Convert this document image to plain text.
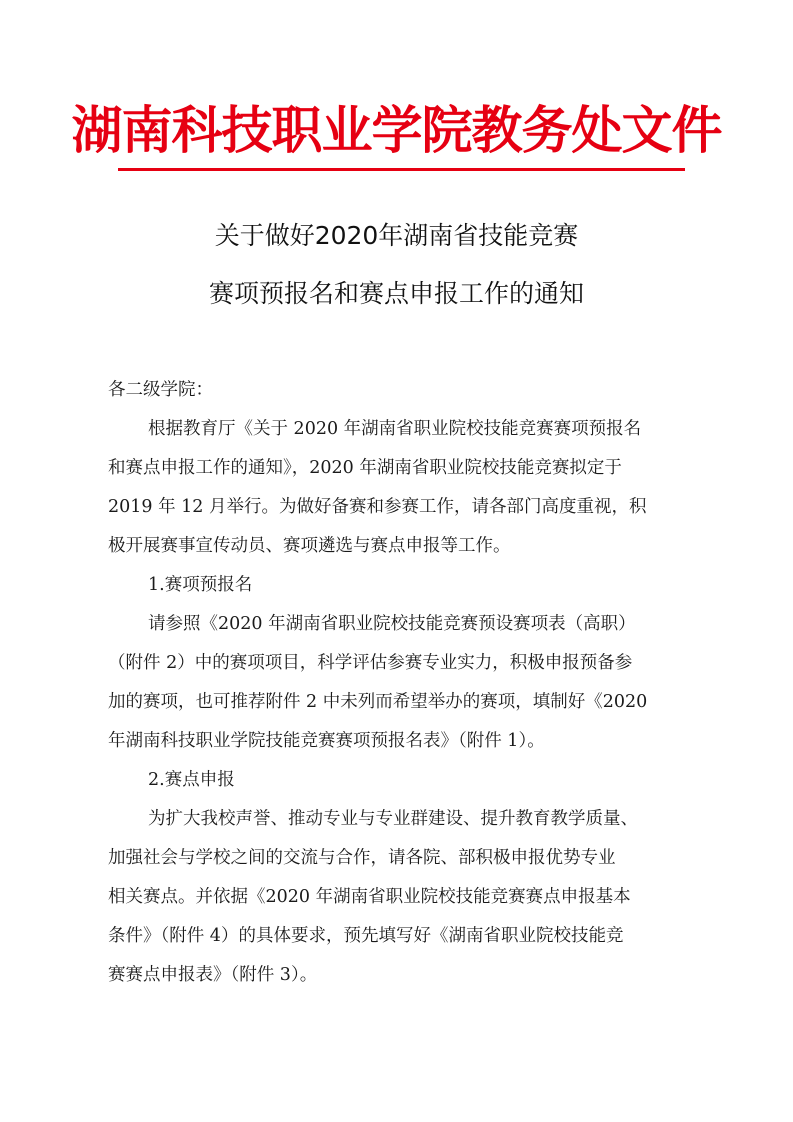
湖南科技职业学院教务处文件
关于做好2020年湖南省技能竞赛
赛项预报名和赛点申报工作的通知
各二级学院：
根据教育厅《关于 2020 年湖南省职业院校技能竞赛赛项预报名
和赛点申报工作的通知》，2020 年湖南省职业院校技能竞赛拟定于
2019 年 12 月举行。为做好备赛和参赛工作，请各部门高度重视，积
极开展赛事宣传动员、赛项遴选与赛点申报等工作。
1.赛项预报名
请参照《2020 年湖南省职业院校技能竞赛预设赛项表（高职）
（附件 2）中的赛项项目，科学评估参赛专业实力，积极申报预备参
加的赛项，也可推荐附件 2 中未列而希望举办的赛项，填制好《2020
年湖南科技职业学院技能竞赛赛项预报名表》（附件 1）。
2.赛点申报
为扩大我校声誉、推动专业与专业群建设、提升教育教学质量、
加强社会与学校之间的交流与合作，请各院、部积极申报优势专业
相关赛点。并依据《2020 年湖南省职业院校技能竞赛赛点申报基本
条件》（附件 4）的具体要求，预先填写好《湖南省职业院校技能竞
赛赛点申报表》（附件 3）。
